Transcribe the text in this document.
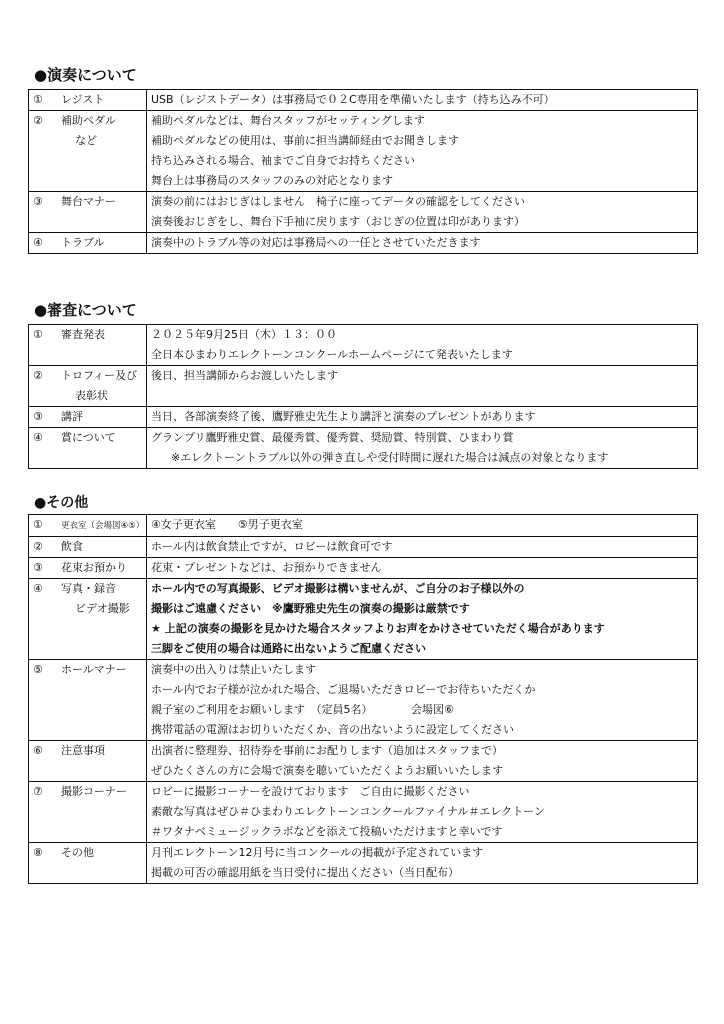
●演奏について
① レジスト	USB（レジストデータ）は事務局で０２C専用を準備いたします（持ち込み不可）

② 補助ペダル
など	補助ペダルなどは、舞台スタッフがセッティングします
補助ペダルなどの使用は、事前に担当講師経由でお聞きします
持ち込みされる場合、袖までご自身でお持ちください
舞台上は事務局のスタッフのみの対応となります

③ 舞台マナー	演奏の前にはおじぎはしません　椅子に座ってデータの確認をしてください
演奏後おじぎをし、舞台下手袖に戻ります（おじぎの位置は印があります）

④ トラブル	演奏中のトラブル等の対応は事務局への一任とさせていただきます
●審査について
① 審査発表	２０２５年9月25日（木）１３：００
全日本ひまわりエレクトーンコンクールホームページにて発表いたします

② トロフィー及び
表彰状	後日、担当講師からお渡しいたします

③ 講評	当日、各部演奏終了後、鷹野雅史先生より講評と演奏のプレゼントがあります

④ 賞について	グランプリ鷹野雅史賞、最優秀賞、優秀賞、奨励賞、特別賞、ひまわり賞
※エレクトーントラブル以外の弾き直しや受付時間に遅れた場合は減点の対象となります
●その他
① 更衣室（会場図④⑤）	④女子更衣室　　⑤男子更衣室

② 飲食	ホール内は飲食禁止ですが、ロビーは飲食可です

③ 花束お預かり	花束・プレゼントなどは、お預かりできません

④ 写真・録音
ビデオ撮影	ホール内での写真撮影、ビデオ撮影は構いませんが、ご自分のお子様以外の
撮影はご遠慮ください　※鷹野雅史先生の演奏の撮影は厳禁です
★ 上記の演奏の撮影を見かけた場合スタッフよりお声をかけさせていただく場合があります
三脚をご使用の場合は通路に出ないようご配慮ください

⑤ ホールマナー	演奏中の出入りは禁止いたします
ホール内でお子様が泣かれた場合、ご退場いただきロビーでお待ちいただくか
親子室のご利用をお願いします　（定員5名）　　　　会場図⑥
携帯電話の電源はお切りいただくか、音の出ないように設定してください

⑥ 注意事項	出演者に整理券、招待券を事前にお配りします（追加はスタッフまで）
ぜひたくさんの方に会場で演奏を聴いていただくようお願いいたします

⑦ 撮影コーナー	ロビーに撮影コーナーを設けております　ご自由に撮影ください
素敵な写真はぜひ＃ひまわりエレクトーンコンクールファイナル＃エレクトーン
＃ワタナベミュージックラボなどを添えて投稿いただけますと幸いです

⑧ その他	月刊エレクトーン12月号に当コンクールの掲載が予定されています
掲載の可否の確認用紙を当日受付に提出ください（当日配布）
